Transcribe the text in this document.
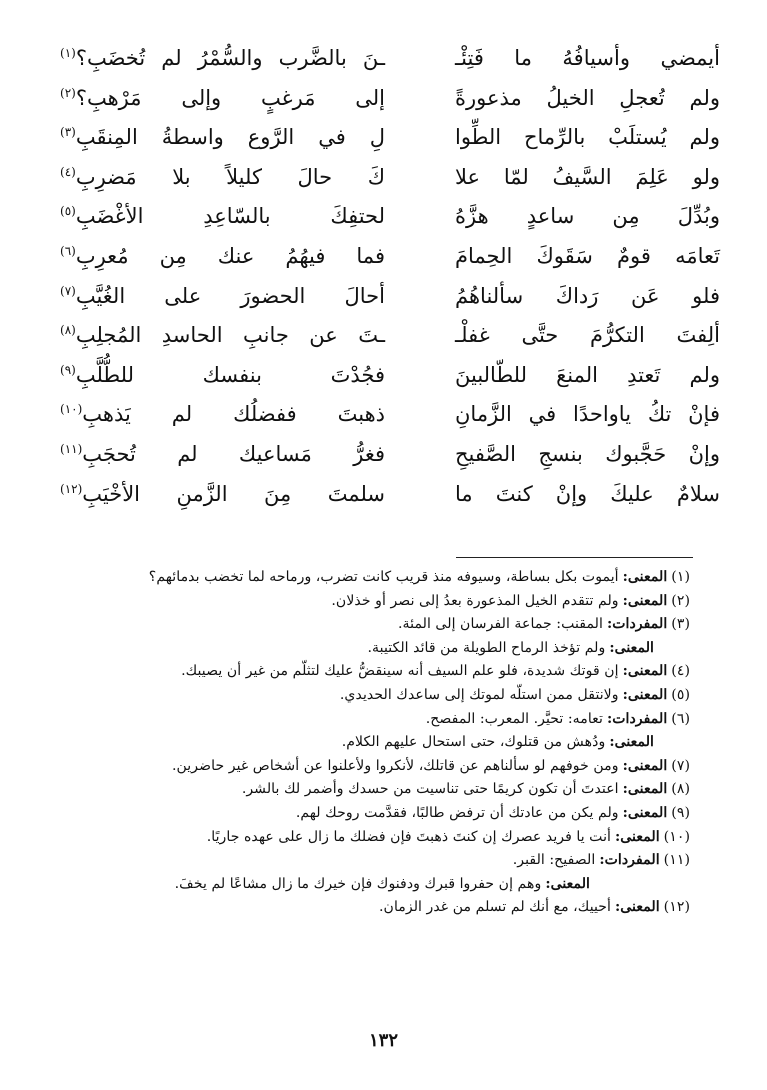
أيمضي وأسيافُهُ ما فَتِئْـ
ـنَ بالضَّرب والسُّمْرُ لم تُخضَبِ؟$^{(١)}$
ولم تُعجلِ الخيلُ مذعورةً
إلى مَرغبٍ وإلى مَرْهبِ؟$^{(٢)}$
ولم يُستلَبْ بالرِّماح الطِّوا
لِ في الرَّوع واسطةُ المِنقَبِ$^{(٣)}$
ولو عَلِمَ السَّيفُ لمّا علا
كَ حالَ كليلاً بلا مَضرِبِ$^{(٤)}$
وبُدِّلَ مِن ساعدٍ هزَّهُ
لحتفِكَ بالسّاعِدِ الأغْضَبِ$^{(٥)}$
تَعامَه قومٌ سَقَوكَ الحِمامَ
فما فيهُمُ عنك مِن مُعرِبِ$^{(٦)}$
فلو عَن رَداكَ سألناهُمُ
أحالَ الحضورَ على الغُيَّبِ$^{(٧)}$
ألِفتَ التكرُّمَ حتَّى غفلْـ
ـتَ عن جانبِ الحاسدِ المُجلِبِ$^{(٨)}$
ولم تَعتدِ المنعَ للطّالبينَ
فجُدْتَ بنفسك للطُّلَّبِ$^{(٩)}$
فإنْ تكُ ياواحدًا في الزَّمانِ
ذهبتَ ففضلُك لم يَذهبِ$^{(١٠)}$
وإنْ حَجَّبوك بنسجِ الصَّفيحِ
فغرُّ مَساعيك لم تُحجَبِ$^{(١١)}$
سلامٌ عليكَ وإنْ كنتَ ما
سلمتَ مِنَ الزَّمنِ الأخْيَبِ$^{(١٢)}$
(١)المعنى:أيموت بكل بساطة، وسيوفه منذ قريب كانت تضرب، ورماحه لما تخضب بدمائهم؟
(٢)المعنى:ولم تتقدم الخيل المذعورة بعدُ إلى نصر أو خذلان.
(٣)المفردات:المقنب: جماعة الفرسان إلى المئة.
المعنى:ولم تؤخذ الرماح الطويلة من قائد الكتيبة.
(٤)المعنى:إن قوتك شديدة، فلو علم السيف أنه سينقضُّ عليك لتثلّم من غير أن يصيبك.
(٥)المعنى:ولانتقل ممن استلّه لموتك إلى ساعدك الحديدي.
(٦)المفردات:تعامه: تحيَّر. المعرب: المفصح.
المعنى:ودُهش من قتلوك، حتى استحال عليهم الكلام.
(٧)المعنى:ومن خوفهم لو سألناهم عن قاتلك، لأنكروا ولأعلنوا عن أشخاص غير حاضرين.
(٨)المعنى:اعتدتَ أن تكون كريمًا حتى تناسيت من حسدك وأضمر لك بالشر.
(٩)المعنى:ولم يكن من عادتك أن ترفض طالبًا، فقدَّمت روحك لهم.
(١٠)المعنى:أنت يا فريد عصرك إن كنتَ ذهبتَ فإن فضلك ما زال على عهده جاريًا.
(١١)المفردات:الصفيح: القبر.
المعنى:وهم إن حفروا قبرك ودفنوك فإن خيرك ما زال مشاعًا لم يخفَ.
(١٢)المعنى:أحييك، مع أنك لم تسلم من غدر الزمان.
١٣٢
